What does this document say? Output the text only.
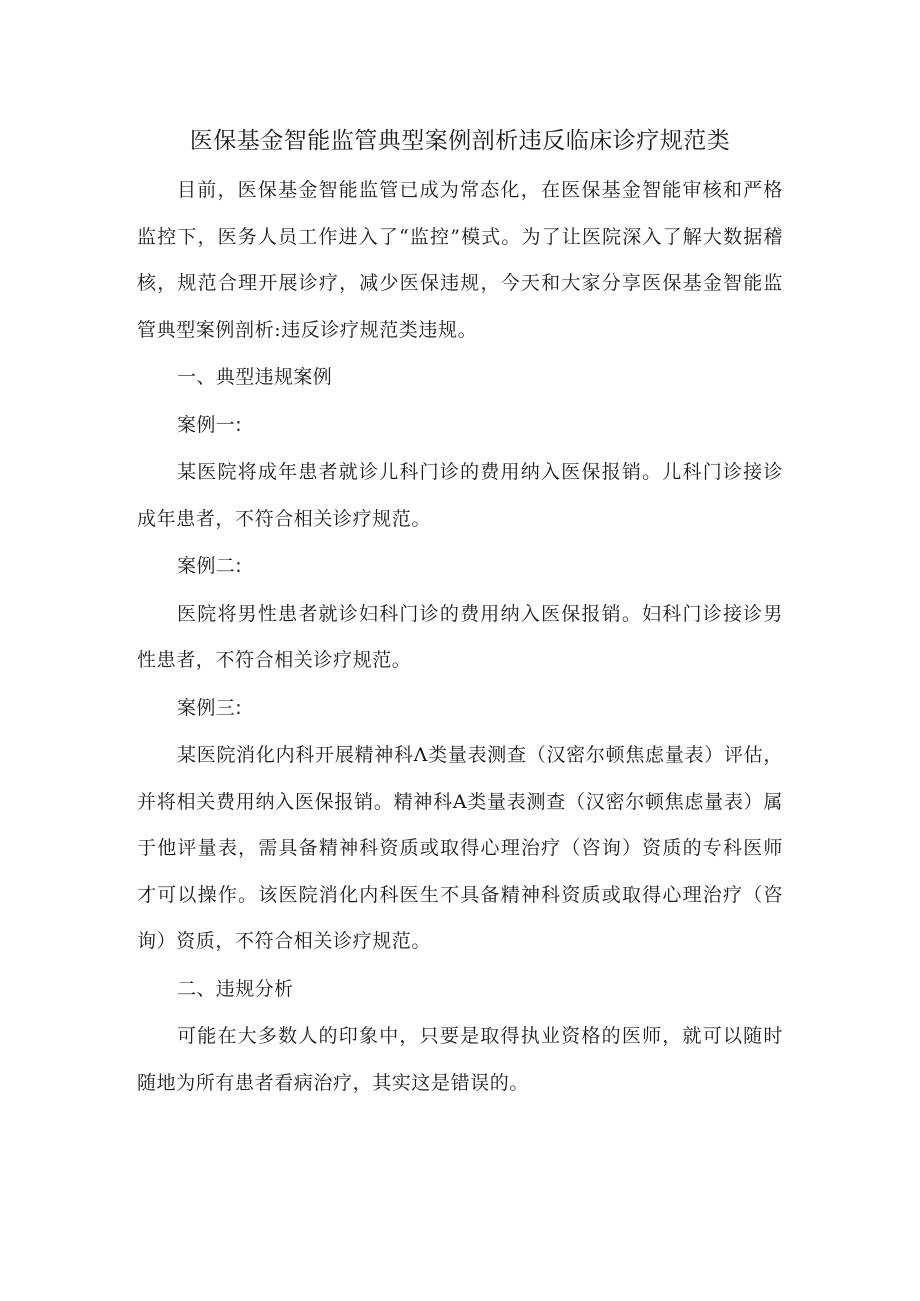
医保基金智能监管典型案例剖析违反临床诊疗规范类

目前，医保基金智能监管已成为常态化，在医保基金智能审核和严格监控下，医务人员工作进入了“监控”模式。为了让医院深入了解大数据稽核，规范合理开展诊疗，减少医保违规，今天和大家分享医保基金智能监管典型案例剖析:违反诊疗规范类违规。

一、典型违规案例
案例一:

某医院将成年患者就诊儿科门诊的费用纳入医保报销。儿科门诊接诊成年患者，不符合相关诊疗规范。

案例二:

医院将男性患者就诊妇科门诊的费用纳入医保报销。妇科门诊接诊男性患者，不符合相关诊疗规范。

案例三:

某医院消化内科开展精神科Λ类量表测查（汉密尔顿焦虑量表）评估，并将相关费用纳入医保报销。精神科A类量表测查（汉密尔顿焦虑量表）属于他评量表，需具备精神科资质或取得心理治疗（咨询）资质的专科医师才可以操作。该医院消化内科医生不具备精神科资质或取得心理治疗（咨询）资质，不符合相关诊疗规范。

二、违规分析

可能在大多数人的印象中，只要是取得执业资格的医师，就可以随时随地为所有患者看病治疗，其实这是错误的。
